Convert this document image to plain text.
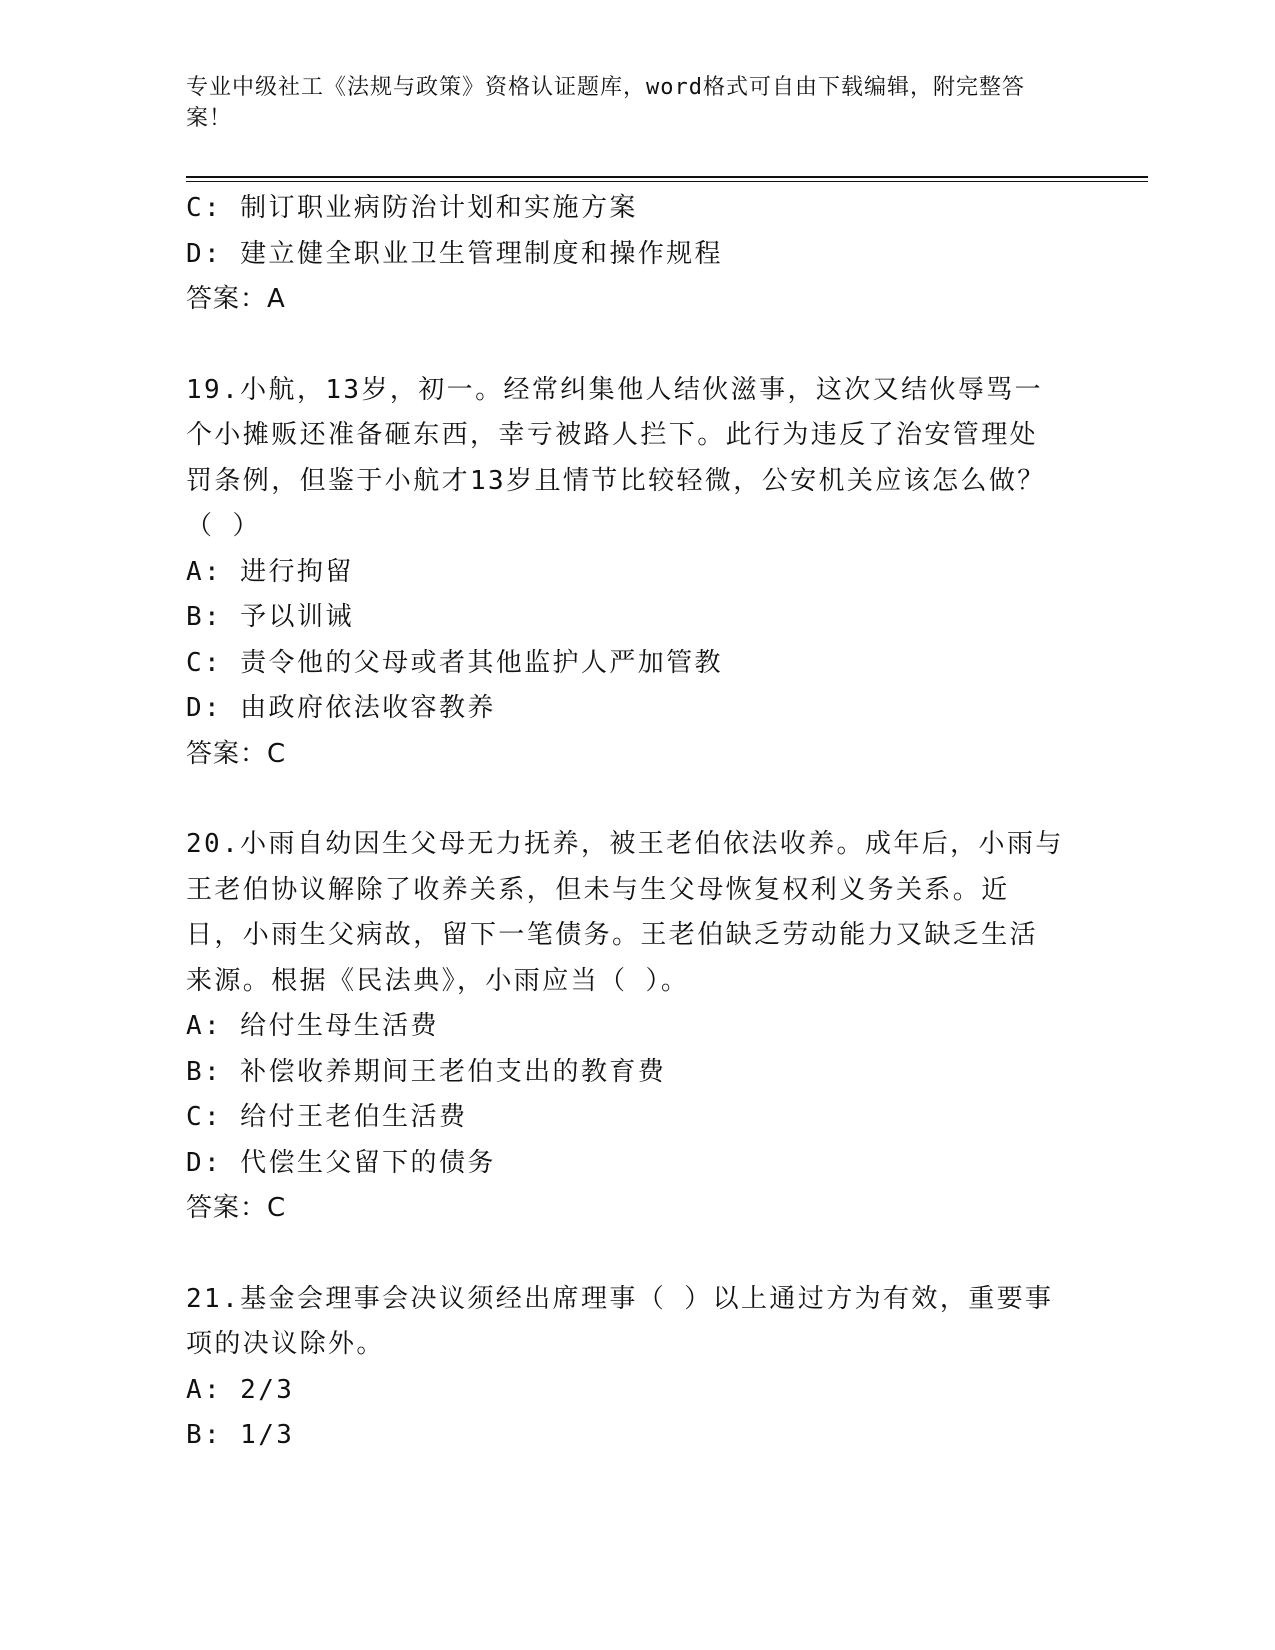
专业中级社工《法规与政策》资格认证题库，word格式可自由下载编辑，附完整答案！
C: 制订职业病防治计划和实施方案
D: 建立健全职业卫生管理制度和操作规程
答案：A
19.小航，13岁，初一。经常纠集他人结伙滋事，这次又结伙辱骂一个小摊贩还准备砸东西，幸亏被路人拦下。此行为违反了治安管理处罚条例，但鉴于小航才13岁且情节比较轻微，公安机关应该怎么做？（ ）
A: 进行拘留
B: 予以训诫
C: 责令他的父母或者其他监护人严加管教
D: 由政府依法收容教养
答案：C
20.小雨自幼因生父母无力抚养，被王老伯依法收养。成年后，小雨与王老伯协议解除了收养关系，但未与生父母恢复权利义务关系。近日，小雨生父病故，留下一笔债务。王老伯缺乏劳动能力又缺乏生活来源。根据《民法典》，小雨应当（ ）。
A: 给付生母生活费
B: 补偿收养期间王老伯支出的教育费
C: 给付王老伯生活费
D: 代偿生父留下的债务
答案：C
21.基金会理事会决议须经出席理事（ ）以上通过方为有效，重要事项的决议除外。
A: 2/3
B: 1/3
